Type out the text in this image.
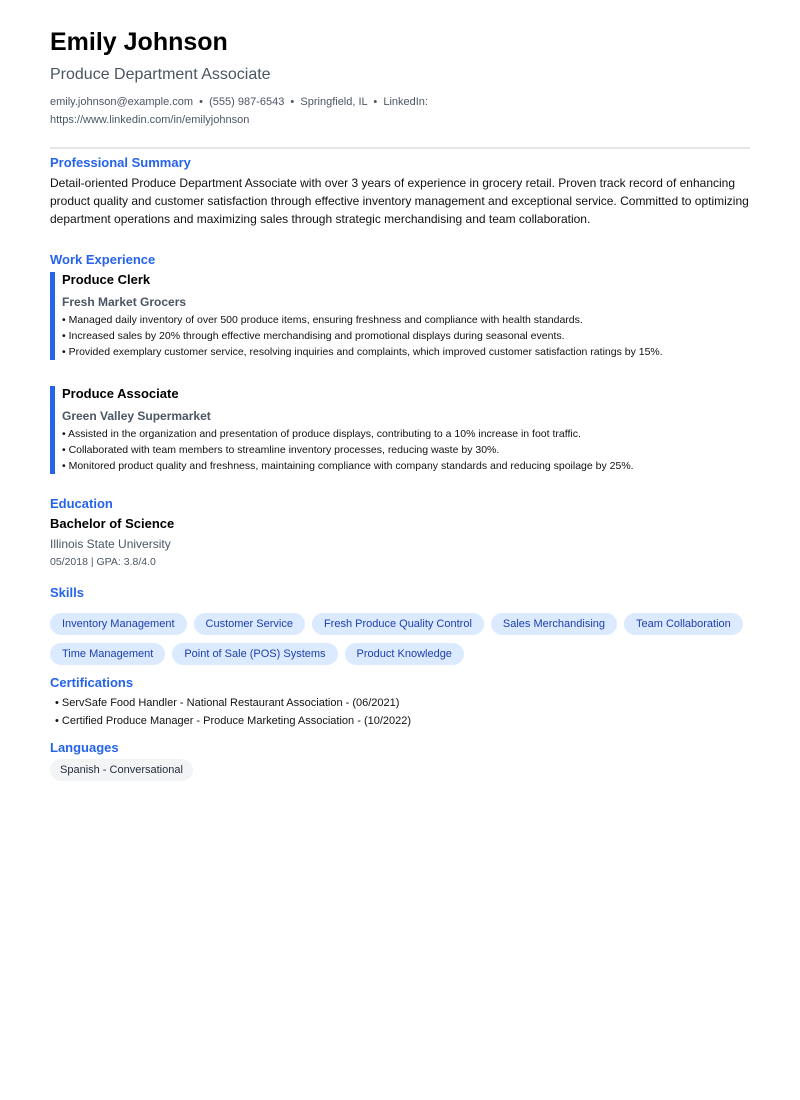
Emily Johnson
Produce Department Associate
emily.johnson@example.com  •  (555) 987-6543  •  Springfield, IL  •  LinkedIn:
https://www.linkedin.com/in/emilyjohnson
Professional Summary
Detail-oriented Produce Department Associate with over 3 years of experience in grocery retail. Proven track record of enhancing product quality and customer satisfaction through effective inventory management and exceptional service. Committed to optimizing department operations and maximizing sales through strategic merchandising and team collaboration.
Work Experience
Produce Clerk
Fresh Market Grocers
• Managed daily inventory of over 500 produce items, ensuring freshness and compliance with health standards.
• Increased sales by 20% through effective merchandising and promotional displays during seasonal events.
• Provided exemplary customer service, resolving inquiries and complaints, which improved customer satisfaction ratings by 15%.
Produce Associate
Green Valley Supermarket
• Assisted in the organization and presentation of produce displays, contributing to a 10% increase in foot traffic.
• Collaborated with team members to streamline inventory processes, reducing waste by 30%.
• Monitored product quality and freshness, maintaining compliance with company standards and reducing spoilage by 25%.
Education
Bachelor of Science
Illinois State University
05/2018 | GPA: 3.8/4.0
Skills
Inventory Management	Customer Service	Fresh Produce Quality Control	Sales Merchandising	Team Collaboration
Time Management	Point of Sale (POS) Systems	Product Knowledge
Certifications
• ServSafe Food Handler - National Restaurant Association - (06/2021)
• Certified Produce Manager - Produce Marketing Association - (10/2022)
Languages
Spanish - Conversational
